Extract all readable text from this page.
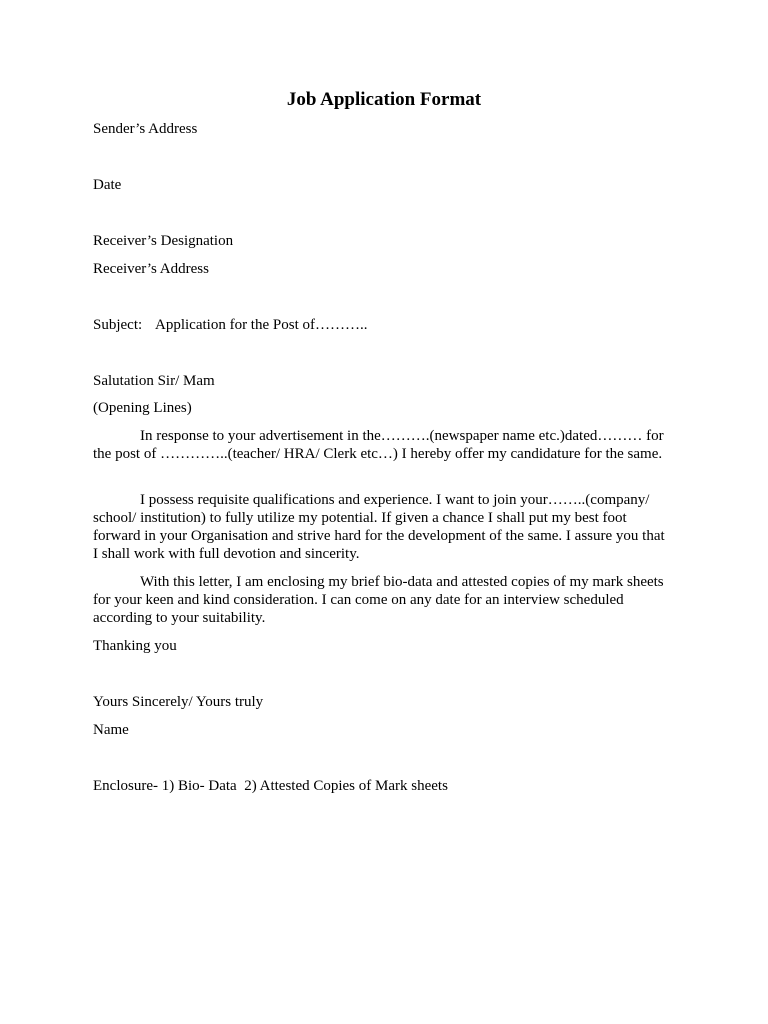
Job Application Format

Sender’s Address

Date

Receiver’s Designation

Receiver’s Address

Subject: Application for the Post of………..

Salutation Sir/ Mam

(Opening Lines)

In response to your advertisement in the……….(newspaper name etc.)dated……… for the post of …………..(teacher/ HRA/ Clerk etc…) I hereby offer my candidature for the same.

I possess requisite qualifications and experience. I want to join your……..(company/ school/ institution) to fully utilize my potential. If given a chance I shall put my best foot forward in your Organisation and strive hard for the development of the same. I assure you that I shall work with full devotion and sincerity.

With this letter, I am enclosing my brief bio-data and attested copies of my mark sheets for your keen and kind consideration. I can come on any date for an interview scheduled according to your suitability.

Thanking you

Yours Sincerely/ Yours truly

Name

Enclosure- 1) Bio- Data  2) Attested Copies of Mark sheets
